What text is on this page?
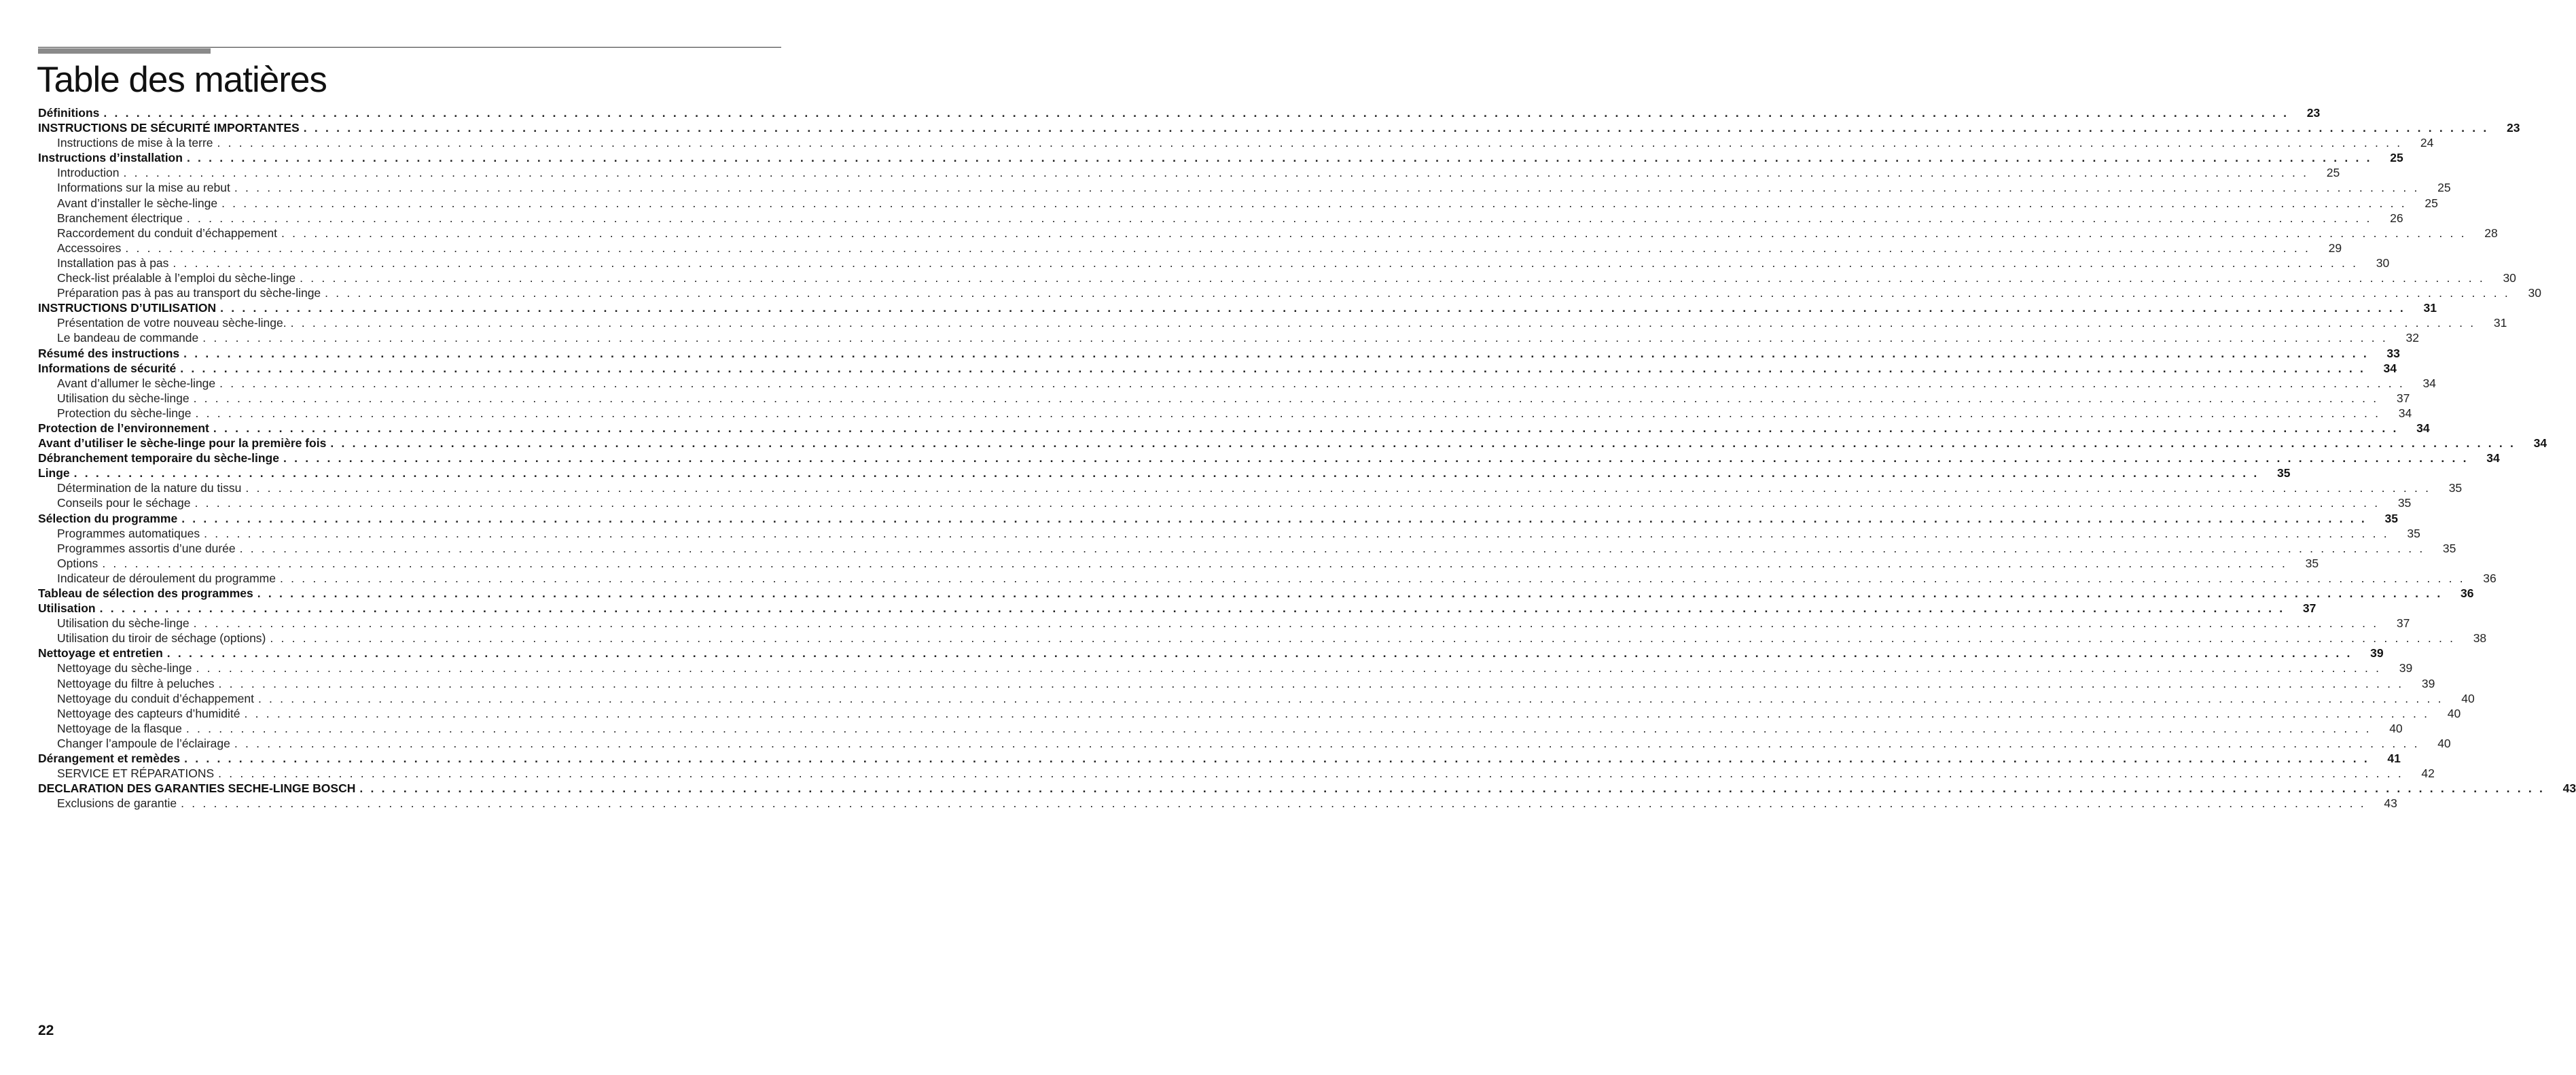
Table des matières
Définitions . . . . . . . . . . . . . . . . . . . . . . . . . . . . . . . . . . . . . . . . . . . . . . . . . . . . . . . . . . . . . . . . . . . . . . . . . . . . . . . . . . . . . . . . . . . . . . . . . . . . . . . . . . . . . . . . . . . . . . . . . . . . . . . . . . . . . . . . . . . . . . . . . . . . . . . . . . . . . . . . . . . . . . . . . . . . . . . . . . . . . . . . . . . . . . . . . . . . . . . .	23
INSTRUCTIONS DE SÉCURITÉ IMPORTANTES . . . . . . . . . . . . . . . . . . . . . . . . . . . . . . . . . . . . . . . . . . . . . . . . . . . . . . . . . . . . . . . . . . . . . . . . . . . . . . . . . . . . . . . . . . . . . . . . . . . . . . . . . . . . . . . . . . . . . . . . . . . . . . . . . . . . . . . . . . . . . . . . . . . . . . . . . . . . . . . . . . . . . . . . . . . . . . . . . . . . . . . . . . . . . . . . . . . . . . . .	23
Instructions de mise à la terre . . . . . . . . . . . . . . . . . . . . . . . . . . . . . . . . . . . . . . . . . . . . . . . . . . . . . . . . . . . . . . . . . . . . . . . . . . . . . . . . . . . . . . . . . . . . . . . . . . . . . . . . . . . . . . . . . . . . . . . . . . . . . . . . . . . . . . . . . . . . . . . . . . . . . . . . . . . . . . . . . . . . . . . . . . . . . . . . . . . . . . . . . . . . . . . . . . . . . . . .	24
Instructions d’installation . . . . . . . . . . . . . . . . . . . . . . . . . . . . . . . . . . . . . . . . . . . . . . . . . . . . . . . . . . . . . . . . . . . . . . . . . . . . . . . . . . . . . . . . . . . . . . . . . . . . . . . . . . . . . . . . . . . . . . . . . . . . . . . . . . . . . . . . . . . . . . . . . . . . . . . . . . . . . . . . . . . . . . . . . . . . . . . . . . . . . . . . . . . . . . . . . . . . . . . .	25
Introduction . . . . . . . . . . . . . . . . . . . . . . . . . . . . . . . . . . . . . . . . . . . . . . . . . . . . . . . . . . . . . . . . . . . . . . . . . . . . . . . . . . . . . . . . . . . . . . . . . . . . . . . . . . . . . . . . . . . . . . . . . . . . . . . . . . . . . . . . . . . . . . . . . . . . . . . . . . . . . . . . . . . . . . . . . . . . . . . . . . . . . . . . . . . . . . . . . . . . . . . .	25
Informations sur la mise au rebut . . . . . . . . . . . . . . . . . . . . . . . . . . . . . . . . . . . . . . . . . . . . . . . . . . . . . . . . . . . . . . . . . . . . . . . . . . . . . . . . . . . . . . . . . . . . . . . . . . . . . . . . . . . . . . . . . . . . . . . . . . . . . . . . . . . . . . . . . . . . . . . . . . . . . . . . . . . . . . . . . . . . . . . . . . . . . . . . . . . . . . . . . . . . . . . . . . . . . . . .	25
Avant d’installer le sèche-linge . . . . . . . . . . . . . . . . . . . . . . . . . . . . . . . . . . . . . . . . . . . . . . . . . . . . . . . . . . . . . . . . . . . . . . . . . . . . . . . . . . . . . . . . . . . . . . . . . . . . . . . . . . . . . . . . . . . . . . . . . . . . . . . . . . . . . . . . . . . . . . . . . . . . . . . . . . . . . . . . . . . . . . . . . . . . . . . . . . . . . . . . . . . . . . . . . . . . . . . .	25
Branchement électrique . . . . . . . . . . . . . . . . . . . . . . . . . . . . . . . . . . . . . . . . . . . . . . . . . . . . . . . . . . . . . . . . . . . . . . . . . . . . . . . . . . . . . . . . . . . . . . . . . . . . . . . . . . . . . . . . . . . . . . . . . . . . . . . . . . . . . . . . . . . . . . . . . . . . . . . . . . . . . . . . . . . . . . . . . . . . . . . . . . . . . . . . . . . . . . . . . . . . . . . .	26
Raccordement du conduit d’échappement . . . . . . . . . . . . . . . . . . . . . . . . . . . . . . . . . . . . . . . . . . . . . . . . . . . . . . . . . . . . . . . . . . . . . . . . . . . . . . . . . . . . . . . . . . . . . . . . . . . . . . . . . . . . . . . . . . . . . . . . . . . . . . . . . . . . . . . . . . . . . . . . . . . . . . . . . . . . . . . . . . . . . . . . . . . . . . . . . . . . . . . . . . . . . . . . . . . . . . . .	28
Accessoires . . . . . . . . . . . . . . . . . . . . . . . . . . . . . . . . . . . . . . . . . . . . . . . . . . . . . . . . . . . . . . . . . . . . . . . . . . . . . . . . . . . . . . . . . . . . . . . . . . . . . . . . . . . . . . . . . . . . . . . . . . . . . . . . . . . . . . . . . . . . . . . . . . . . . . . . . . . . . . . . . . . . . . . . . . . . . . . . . . . . . . . . . . . . . . . . . . . . . . . .	29
Installation pas à pas . . . . . . . . . . . . . . . . . . . . . . . . . . . . . . . . . . . . . . . . . . . . . . . . . . . . . . . . . . . . . . . . . . . . . . . . . . . . . . . . . . . . . . . . . . . . . . . . . . . . . . . . . . . . . . . . . . . . . . . . . . . . . . . . . . . . . . . . . . . . . . . . . . . . . . . . . . . . . . . . . . . . . . . . . . . . . . . . . . . . . . . . . . . . . . . . . . . . . . . .	30
Check-list préalable à l’emploi du sèche-linge . . . . . . . . . . . . . . . . . . . . . . . . . . . . . . . . . . . . . . . . . . . . . . . . . . . . . . . . . . . . . . . . . . . . . . . . . . . . . . . . . . . . . . . . . . . . . . . . . . . . . . . . . . . . . . . . . . . . . . . . . . . . . . . . . . . . . . . . . . . . . . . . . . . . . . . . . . . . . . . . . . . . . . . . . . . . . . . . . . . . . . . . . . . . . . . . . . . . . . . .	30
Préparation pas à pas au transport du sèche-linge . . . . . . . . . . . . . . . . . . . . . . . . . . . . . . . . . . . . . . . . . . . . . . . . . . . . . . . . . . . . . . . . . . . . . . . . . . . . . . . . . . . . . . . . . . . . . . . . . . . . . . . . . . . . . . . . . . . . . . . . . . . . . . . . . . . . . . . . . . . . . . . . . . . . . . . . . . . . . . . . . . . . . . . . . . . . . . . . . . . . . . . . . . . . . . . . . . . . . . . .	30
INSTRUCTIONS D’UTILISATION . . . . . . . . . . . . . . . . . . . . . . . . . . . . . . . . . . . . . . . . . . . . . . . . . . . . . . . . . . . . . . . . . . . . . . . . . . . . . . . . . . . . . . . . . . . . . . . . . . . . . . . . . . . . . . . . . . . . . . . . . . . . . . . . . . . . . . . . . . . . . . . . . . . . . . . . . . . . . . . . . . . . . . . . . . . . . . . . . . . . . . . . . . . . . . . . . . . . . . . .	31
Présentation de votre nouveau sèche-linge. . . . . . . . . . . . . . . . . . . . . . . . . . . . . . . . . . . . . . . . . . . . . . . . . . . . . . . . . . . . . . . . . . . . . . . . . . . . . . . . . . . . . . . . . . . . . . . . . . . . . . . . . . . . . . . . . . . . . . . . . . . . . . . . . . . . . . . . . . . . . . . . . . . . . . . . . . . . . . . . . . . . . . . . . . . . . . . . . . . . . . . . . . . . . . . . . . . . . . . . .	31
Le bandeau de commande . . . . . . . . . . . . . . . . . . . . . . . . . . . . . . . . . . . . . . . . . . . . . . . . . . . . . . . . . . . . . . . . . . . . . . . . . . . . . . . . . . . . . . . . . . . . . . . . . . . . . . . . . . . . . . . . . . . . . . . . . . . . . . . . . . . . . . . . . . . . . . . . . . . . . . . . . . . . . . . . . . . . . . . . . . . . . . . . . . . . . . . . . . . . . . . . . . . . . . . .	32
Résumé des instructions . . . . . . . . . . . . . . . . . . . . . . . . . . . . . . . . . . . . . . . . . . . . . . . . . . . . . . . . . . . . . . . . . . . . . . . . . . . . . . . . . . . . . . . . . . . . . . . . . . . . . . . . . . . . . . . . . . . . . . . . . . . . . . . . . . . . . . . . . . . . . . . . . . . . . . . . . . . . . . . . . . . . . . . . . . . . . . . . . . . . . . . . . . . . . . . . . . . . . . . .	33
Informations de sécurité . . . . . . . . . . . . . . . . . . . . . . . . . . . . . . . . . . . . . . . . . . . . . . . . . . . . . . . . . . . . . . . . . . . . . . . . . . . . . . . . . . . . . . . . . . . . . . . . . . . . . . . . . . . . . . . . . . . . . . . . . . . . . . . . . . . . . . . . . . . . . . . . . . . . . . . . . . . . . . . . . . . . . . . . . . . . . . . . . . . . . . . . . . . . . . . . . . . . . . . .	34
Avant d’allumer le sèche-linge . . . . . . . . . . . . . . . . . . . . . . . . . . . . . . . . . . . . . . . . . . . . . . . . . . . . . . . . . . . . . . . . . . . . . . . . . . . . . . . . . . . . . . . . . . . . . . . . . . . . . . . . . . . . . . . . . . . . . . . . . . . . . . . . . . . . . . . . . . . . . . . . . . . . . . . . . . . . . . . . . . . . . . . . . . . . . . . . . . . . . . . . . . . . . . . . . . . . . . . .	34
Utilisation du sèche-linge . . . . . . . . . . . . . . . . . . . . . . . . . . . . . . . . . . . . . . . . . . . . . . . . . . . . . . . . . . . . . . . . . . . . . . . . . . . . . . . . . . . . . . . . . . . . . . . . . . . . . . . . . . . . . . . . . . . . . . . . . . . . . . . . . . . . . . . . . . . . . . . . . . . . . . . . . . . . . . . . . . . . . . . . . . . . . . . . . . . . . . . . . . . . . . . . . . . . . . . .	37
Protection du sèche-linge . . . . . . . . . . . . . . . . . . . . . . . . . . . . . . . . . . . . . . . . . . . . . . . . . . . . . . . . . . . . . . . . . . . . . . . . . . . . . . . . . . . . . . . . . . . . . . . . . . . . . . . . . . . . . . . . . . . . . . . . . . . . . . . . . . . . . . . . . . . . . . . . . . . . . . . . . . . . . . . . . . . . . . . . . . . . . . . . . . . . . . . . . . . . . . . . . . . . . . . .	34
Protection de l’environnement . . . . . . . . . . . . . . . . . . . . . . . . . . . . . . . . . . . . . . . . . . . . . . . . . . . . . . . . . . . . . . . . . . . . . . . . . . . . . . . . . . . . . . . . . . . . . . . . . . . . . . . . . . . . . . . . . . . . . . . . . . . . . . . . . . . . . . . . . . . . . . . . . . . . . . . . . . . . . . . . . . . . . . . . . . . . . . . . . . . . . . . . . . . . . . . . . . . . . . . .	34
Avant d’utiliser le sèche-linge pour la première fois . . . . . . . . . . . . . . . . . . . . . . . . . . . . . . . . . . . . . . . . . . . . . . . . . . . . . . . . . . . . . . . . . . . . . . . . . . . . . . . . . . . . . . . . . . . . . . . . . . . . . . . . . . . . . . . . . . . . . . . . . . . . . . . . . . . . . . . . . . . . . . . . . . . . . . . . . . . . . . . . . . . . . . . . . . . . . . . . . . . . . . . . . . . . . . . . . . . . . . . .	34
Débranchement temporaire du sèche-linge . . . . . . . . . . . . . . . . . . . . . . . . . . . . . . . . . . . . . . . . . . . . . . . . . . . . . . . . . . . . . . . . . . . . . . . . . . . . . . . . . . . . . . . . . . . . . . . . . . . . . . . . . . . . . . . . . . . . . . . . . . . . . . . . . . . . . . . . . . . . . . . . . . . . . . . . . . . . . . . . . . . . . . . . . . . . . . . . . . . . . . . . . . . . . . . . . . . . . . . .	34
Linge . . . . . . . . . . . . . . . . . . . . . . . . . . . . . . . . . . . . . . . . . . . . . . . . . . . . . . . . . . . . . . . . . . . . . . . . . . . . . . . . . . . . . . . . . . . . . . . . . . . . . . . . . . . . . . . . . . . . . . . . . . . . . . . . . . . . . . . . . . . . . . . . . . . . . . . . . . . . . . . . . . . . . . . . . . . . . . . . . . . . . . . . . . . . . . . . . . . . . . . .	35
Détermination de la nature du tissu . . . . . . . . . . . . . . . . . . . . . . . . . . . . . . . . . . . . . . . . . . . . . . . . . . . . . . . . . . . . . . . . . . . . . . . . . . . . . . . . . . . . . . . . . . . . . . . . . . . . . . . . . . . . . . . . . . . . . . . . . . . . . . . . . . . . . . . . . . . . . . . . . . . . . . . . . . . . . . . . . . . . . . . . . . . . . . . . . . . . . . . . . . . . . . . . . . . . . . . .	35
Conseils pour le séchage . . . . . . . . . . . . . . . . . . . . . . . . . . . . . . . . . . . . . . . . . . . . . . . . . . . . . . . . . . . . . . . . . . . . . . . . . . . . . . . . . . . . . . . . . . . . . . . . . . . . . . . . . . . . . . . . . . . . . . . . . . . . . . . . . . . . . . . . . . . . . . . . . . . . . . . . . . . . . . . . . . . . . . . . . . . . . . . . . . . . . . . . . . . . . . . . . . . . . . . .	35
Sélection du programme . . . . . . . . . . . . . . . . . . . . . . . . . . . . . . . . . . . . . . . . . . . . . . . . . . . . . . . . . . . . . . . . . . . . . . . . . . . . . . . . . . . . . . . . . . . . . . . . . . . . . . . . . . . . . . . . . . . . . . . . . . . . . . . . . . . . . . . . . . . . . . . . . . . . . . . . . . . . . . . . . . . . . . . . . . . . . . . . . . . . . . . . . . . . . . . . . . . . . . . .	35
Programmes automatiques . . . . . . . . . . . . . . . . . . . . . . . . . . . . . . . . . . . . . . . . . . . . . . . . . . . . . . . . . . . . . . . . . . . . . . . . . . . . . . . . . . . . . . . . . . . . . . . . . . . . . . . . . . . . . . . . . . . . . . . . . . . . . . . . . . . . . . . . . . . . . . . . . . . . . . . . . . . . . . . . . . . . . . . . . . . . . . . . . . . . . . . . . . . . . . . . . . . . . . . .	35
Programmes assortis d’une durée . . . . . . . . . . . . . . . . . . . . . . . . . . . . . . . . . . . . . . . . . . . . . . . . . . . . . . . . . . . . . . . . . . . . . . . . . . . . . . . . . . . . . . . . . . . . . . . . . . . . . . . . . . . . . . . . . . . . . . . . . . . . . . . . . . . . . . . . . . . . . . . . . . . . . . . . . . . . . . . . . . . . . . . . . . . . . . . . . . . . . . . . . . . . . . . . . . . . . . . .	35
Options . . . . . . . . . . . . . . . . . . . . . . . . . . . . . . . . . . . . . . . . . . . . . . . . . . . . . . . . . . . . . . . . . . . . . . . . . . . . . . . . . . . . . . . . . . . . . . . . . . . . . . . . . . . . . . . . . . . . . . . . . . . . . . . . . . . . . . . . . . . . . . . . . . . . . . . . . . . . . . . . . . . . . . . . . . . . . . . . . . . . . . . . . . . . . . . . . . . . . . . .	35
Indicateur de déroulement du programme . . . . . . . . . . . . . . . . . . . . . . . . . . . . . . . . . . . . . . . . . . . . . . . . . . . . . . . . . . . . . . . . . . . . . . . . . . . . . . . . . . . . . . . . . . . . . . . . . . . . . . . . . . . . . . . . . . . . . . . . . . . . . . . . . . . . . . . . . . . . . . . . . . . . . . . . . . . . . . . . . . . . . . . . . . . . . . . . . . . . . . . . . . . . . . . . . . . . . . . .	36
Tableau de sélection des programmes . . . . . . . . . . . . . . . . . . . . . . . . . . . . . . . . . . . . . . . . . . . . . . . . . . . . . . . . . . . . . . . . . . . . . . . . . . . . . . . . . . . . . . . . . . . . . . . . . . . . . . . . . . . . . . . . . . . . . . . . . . . . . . . . . . . . . . . . . . . . . . . . . . . . . . . . . . . . . . . . . . . . . . . . . . . . . . . . . . . . . . . . . . . . . . . . . . . . . . . .	36
Utilisation . . . . . . . . . . . . . . . . . . . . . . . . . . . . . . . . . . . . . . . . . . . . . . . . . . . . . . . . . . . . . . . . . . . . . . . . . . . . . . . . . . . . . . . . . . . . . . . . . . . . . . . . . . . . . . . . . . . . . . . . . . . . . . . . . . . . . . . . . . . . . . . . . . . . . . . . . . . . . . . . . . . . . . . . . . . . . . . . . . . . . . . . . . . . . . . . . . . . . . . .	37
Utilisation du sèche-linge . . . . . . . . . . . . . . . . . . . . . . . . . . . . . . . . . . . . . . . . . . . . . . . . . . . . . . . . . . . . . . . . . . . . . . . . . . . . . . . . . . . . . . . . . . . . . . . . . . . . . . . . . . . . . . . . . . . . . . . . . . . . . . . . . . . . . . . . . . . . . . . . . . . . . . . . . . . . . . . . . . . . . . . . . . . . . . . . . . . . . . . . . . . . . . . . . . . . . . . .	37
Utilisation du tiroir de séchage (options) . . . . . . . . . . . . . . . . . . . . . . . . . . . . . . . . . . . . . . . . . . . . . . . . . . . . . . . . . . . . . . . . . . . . . . . . . . . . . . . . . . . . . . . . . . . . . . . . . . . . . . . . . . . . . . . . . . . . . . . . . . . . . . . . . . . . . . . . . . . . . . . . . . . . . . . . . . . . . . . . . . . . . . . . . . . . . . . . . . . . . . . . . . . . . . . . . . . . . . . .	38
Nettoyage et entretien . . . . . . . . . . . . . . . . . . . . . . . . . . . . . . . . . . . . . . . . . . . . . . . . . . . . . . . . . . . . . . . . . . . . . . . . . . . . . . . . . . . . . . . . . . . . . . . . . . . . . . . . . . . . . . . . . . . . . . . . . . . . . . . . . . . . . . . . . . . . . . . . . . . . . . . . . . . . . . . . . . . . . . . . . . . . . . . . . . . . . . . . . . . . . . . . . . . . . . . .	39
Nettoyage du sèche-linge . . . . . . . . . . . . . . . . . . . . . . . . . . . . . . . . . . . . . . . . . . . . . . . . . . . . . . . . . . . . . . . . . . . . . . . . . . . . . . . . . . . . . . . . . . . . . . . . . . . . . . . . . . . . . . . . . . . . . . . . . . . . . . . . . . . . . . . . . . . . . . . . . . . . . . . . . . . . . . . . . . . . . . . . . . . . . . . . . . . . . . . . . . . . . . . . . . . . . . . .	39
Nettoyage du filtre à peluches . . . . . . . . . . . . . . . . . . . . . . . . . . . . . . . . . . . . . . . . . . . . . . . . . . . . . . . . . . . . . . . . . . . . . . . . . . . . . . . . . . . . . . . . . . . . . . . . . . . . . . . . . . . . . . . . . . . . . . . . . . . . . . . . . . . . . . . . . . . . . . . . . . . . . . . . . . . . . . . . . . . . . . . . . . . . . . . . . . . . . . . . . . . . . . . . . . . . . . . .	39
Nettoyage du conduit d’échappement . . . . . . . . . . . . . . . . . . . . . . . . . . . . . . . . . . . . . . . . . . . . . . . . . . . . . . . . . . . . . . . . . . . . . . . . . . . . . . . . . . . . . . . . . . . . . . . . . . . . . . . . . . . . . . . . . . . . . . . . . . . . . . . . . . . . . . . . . . . . . . . . . . . . . . . . . . . . . . . . . . . . . . . . . . . . . . . . . . . . . . . . . . . . . . . . . . . . . . . .	40
Nettoyage des capteurs d’humidité . . . . . . . . . . . . . . . . . . . . . . . . . . . . . . . . . . . . . . . . . . . . . . . . . . . . . . . . . . . . . . . . . . . . . . . . . . . . . . . . . . . . . . . . . . . . . . . . . . . . . . . . . . . . . . . . . . . . . . . . . . . . . . . . . . . . . . . . . . . . . . . . . . . . . . . . . . . . . . . . . . . . . . . . . . . . . . . . . . . . . . . . . . . . . . . . . . . . . . . .	40
Nettoyage de la flasque . . . . . . . . . . . . . . . . . . . . . . . . . . . . . . . . . . . . . . . . . . . . . . . . . . . . . . . . . . . . . . . . . . . . . . . . . . . . . . . . . . . . . . . . . . . . . . . . . . . . . . . . . . . . . . . . . . . . . . . . . . . . . . . . . . . . . . . . . . . . . . . . . . . . . . . . . . . . . . . . . . . . . . . . . . . . . . . . . . . . . . . . . . . . . . . . . . . . . . . .	40
Changer l’ampoule de l’éclairage . . . . . . . . . . . . . . . . . . . . . . . . . . . . . . . . . . . . . . . . . . . . . . . . . . . . . . . . . . . . . . . . . . . . . . . . . . . . . . . . . . . . . . . . . . . . . . . . . . . . . . . . . . . . . . . . . . . . . . . . . . . . . . . . . . . . . . . . . . . . . . . . . . . . . . . . . . . . . . . . . . . . . . . . . . . . . . . . . . . . . . . . . . . . . . . . . . . . . . . .	40
Dérangement et remèdes . . . . . . . . . . . . . . . . . . . . . . . . . . . . . . . . . . . . . . . . . . . . . . . . . . . . . . . . . . . . . . . . . . . . . . . . . . . . . . . . . . . . . . . . . . . . . . . . . . . . . . . . . . . . . . . . . . . . . . . . . . . . . . . . . . . . . . . . . . . . . . . . . . . . . . . . . . . . . . . . . . . . . . . . . . . . . . . . . . . . . . . . . . . . . . . . . . . . . . . .	41
SERVICE ET RÉPARATIONS . . . . . . . . . . . . . . . . . . . . . . . . . . . . . . . . . . . . . . . . . . . . . . . . . . . . . . . . . . . . . . . . . . . . . . . . . . . . . . . . . . . . . . . . . . . . . . . . . . . . . . . . . . . . . . . . . . . . . . . . . . . . . . . . . . . . . . . . . . . . . . . . . . . . . . . . . . . . . . . . . . . . . . . . . . . . . . . . . . . . . . . . . . . . . . . . . . . . . . . .	42
DECLARATION DES GARANTIES SECHE-LINGE BOSCH . . . . . . . . . . . . . . . . . . . . . . . . . . . . . . . . . . . . . . . . . . . . . . . . . . . . . . . . . . . . . . . . . . . . . . . . . . . . . . . . . . . . . . . . . . . . . . . . . . . . . . . . . . . . . . . . . . . . . . . . . . . . . . . . . . . . . . . . . . . . . . . . . . . . . . . . . . . . . . . . . . . . . . . . . . . . . . . . . . . . . . . . . . . . . . . . . . . . . . . .	43
Exclusions de garantie . . . . . . . . . . . . . . . . . . . . . . . . . . . . . . . . . . . . . . . . . . . . . . . . . . . . . . . . . . . . . . . . . . . . . . . . . . . . . . . . . . . . . . . . . . . . . . . . . . . . . . . . . . . . . . . . . . . . . . . . . . . . . . . . . . . . . . . . . . . . . . . . . . . . . . . . . . . . . . . . . . . . . . . . . . . . . . . . . . . . . . . . . . . . . . . . . . . . . . . .	43
22
